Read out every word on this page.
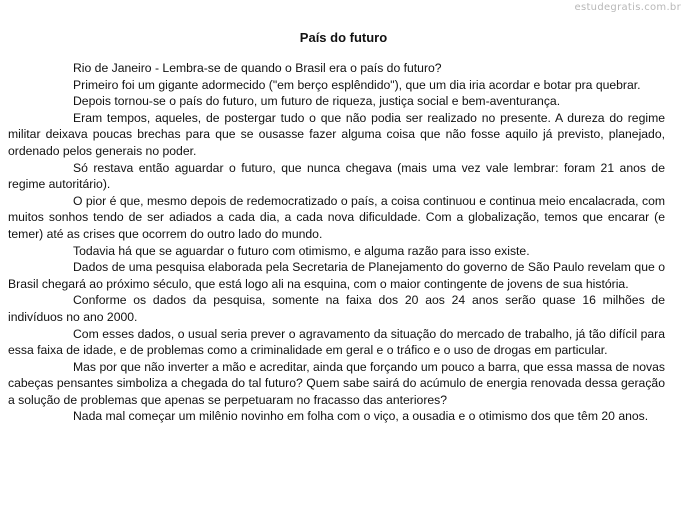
estudegratis.com.br
País do futuro

Rio de Janeiro - Lembra-se de quando o Brasil era o país do futuro?

Primeiro foi um gigante adormecido ("em berço esplêndido"), que um dia iria acordar e botar pra quebrar.

Depois tornou-se o país do futuro, um futuro de riqueza, justiça social e bem-aventurança.

Eram tempos, aqueles, de postergar tudo o que não podia ser realizado no presente. A dureza do regime militar deixava poucas brechas para que se ousasse fazer alguma coisa que não fosse aquilo já previsto, planejado, ordenado pelos generais no poder.

Só restava então aguardar o futuro, que nunca chegava (mais uma vez vale lembrar: foram 21 anos de regime autoritário).

O pior é que, mesmo depois de redemocratizado o país, a coisa continuou e continua meio encalacrada, com muitos sonhos tendo de ser adiados a cada dia, a cada nova dificuldade. Com a globalização, temos que encarar (e temer) até as crises que ocorrem do outro lado do mundo.

Todavia há que se aguardar o futuro com otimismo, e alguma razão para isso existe.

Dados de uma pesquisa elaborada pela Secretaria de Planejamento do governo de São Paulo revelam que o Brasil chegará ao próximo século, que está logo ali na esquina, com o maior contingente de jovens de sua história.

Conforme os dados da pesquisa, somente na faixa dos 20 aos 24 anos serão quase 16 milhões de indivíduos no ano 2000.

Com esses dados, o usual seria prever o agravamento da situação do mercado de trabalho, já tão difícil para essa faixa de idade, e de problemas como a criminalidade em geral e o tráfico e o uso de drogas em particular.

Mas por que não inverter a mão e acreditar, ainda que forçando um pouco a barra, que essa massa de novas cabeças pensantes simboliza a chegada do tal futuro? Quem sabe sairá do acúmulo de energia renovada dessa geração a solução de problemas que apenas se perpetuaram no fracasso das anteriores?

Nada mal começar um milênio novinho em folha com o viço, a ousadia e o otimismo dos que têm 20 anos.
